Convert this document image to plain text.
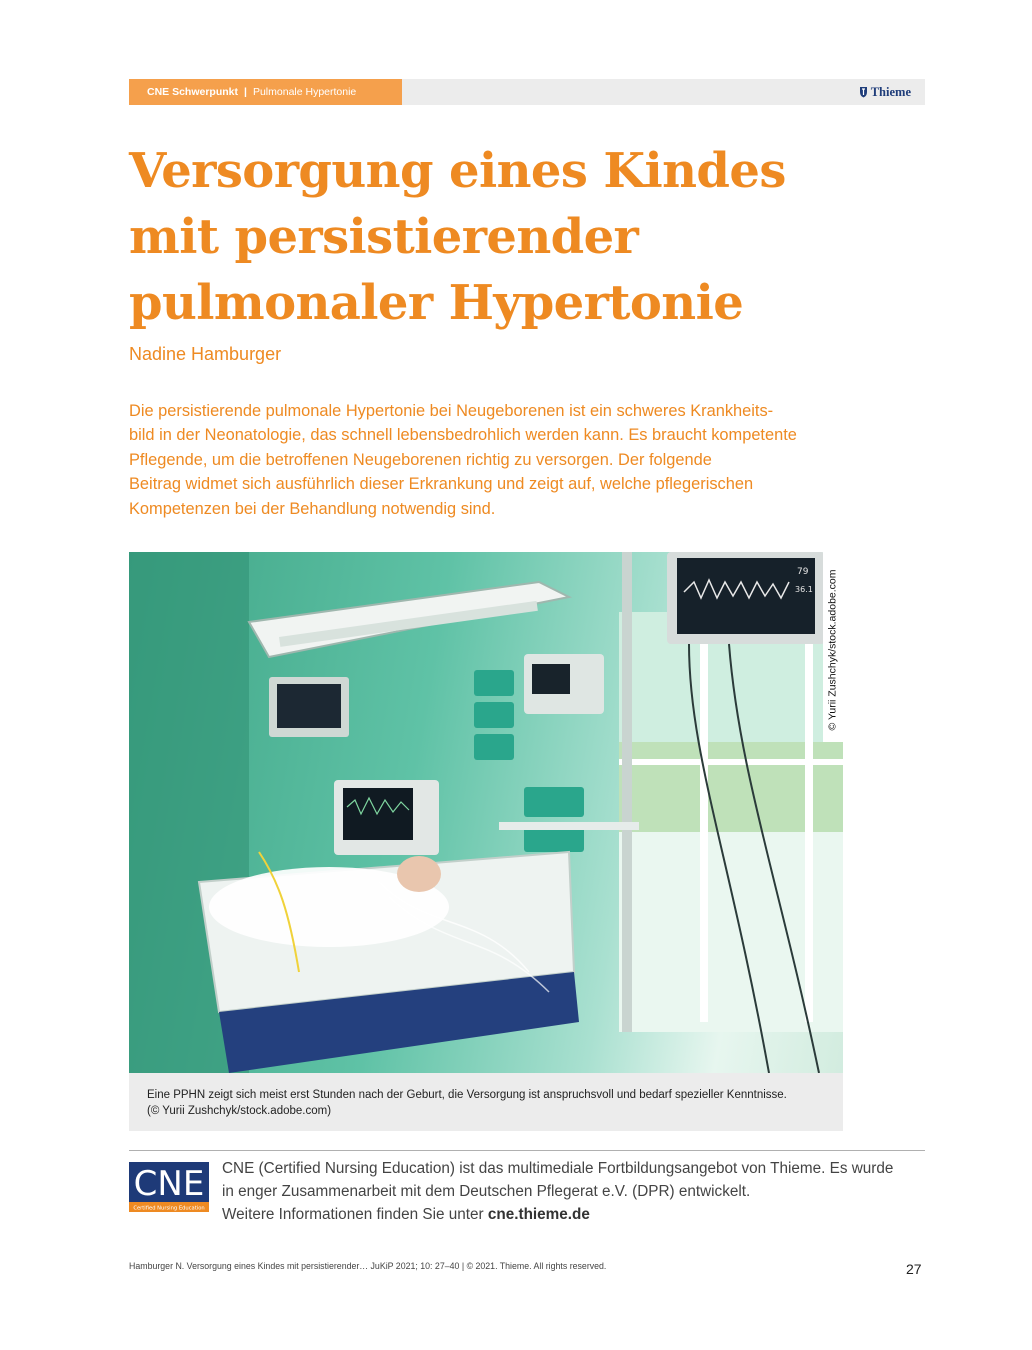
CNE Schwerpunkt | Pulmonale Hypertonie	Thieme
Versorgung eines Kindes
mit persistierender
pulmonaler Hypertonie
Nadine Hamburger

Die persistierende pulmonale Hypertonie bei Neugeborenen ist ein schweres Krankheits-
bild in der Neonatologie, das schnell lebensbedrohlich werden kann. Es braucht kompetente
Pflegende, um die betroffenen Neugeborenen richtig zu versorgen. Der folgende
Beitrag widmet sich ausführlich dieser Erkrankung und zeigt auf, welche pflegerischen
Kompetenzen bei der Behandlung notwendig sind.

79
36.1 © Yurii Zushchyk/stock.adobe.com
Eine PPHN zeigt sich meist erst Stunden nach der Geburt, die Versorgung ist anspruchsvoll und bedarf spezieller Kenntnisse.
(© Yurii Zushchyk/stock.adobe.com)
CNE
Certified Nursing Education
CNE (Certified Nursing Education) ist das multimediale Fortbildungsangebot von Thieme. Es wurde
in enger Zusammenarbeit mit dem Deutschen Pflegerat e.V. (DPR) entwickelt.
Weitere Informationen finden Sie unter cne.thieme.de
Hamburger N. Versorgung eines Kindes mit persistierender… JuKiP 2021; 10: 27–40 | © 2021. Thieme. All rights reserved.	27
